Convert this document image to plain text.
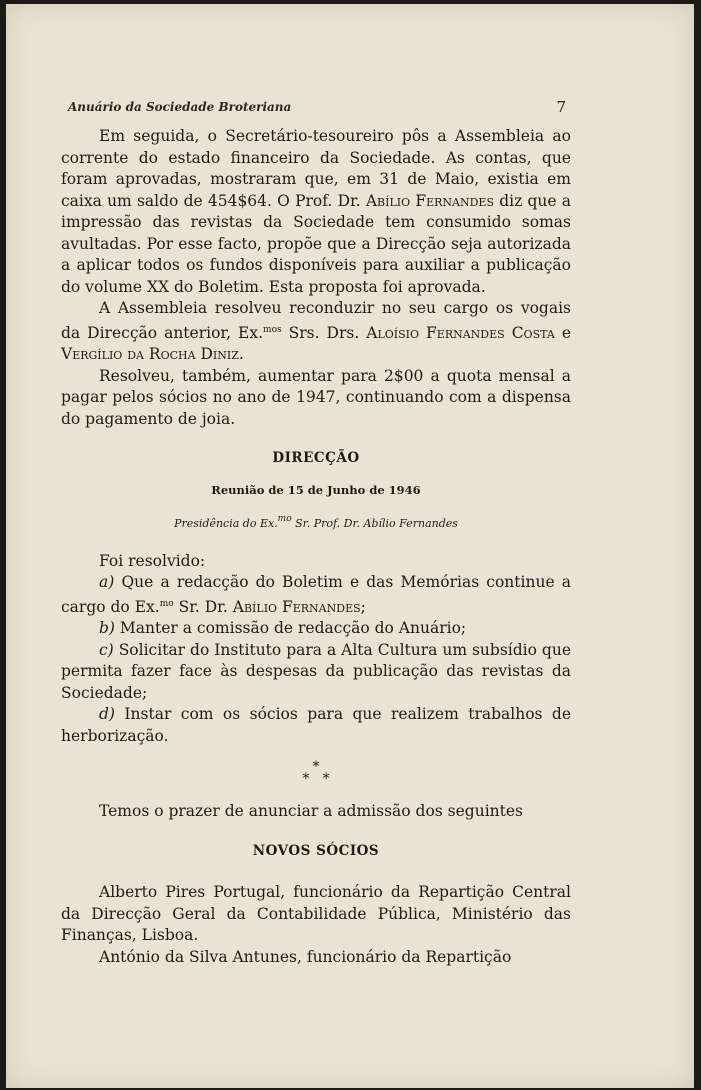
Anuário da Sociedade Broteriana	7

Em seguida, o Secretário-tesoureiro pôs a Assembleia ao corrente do estado financeiro da Sociedade. As contas, que foram aprovadas, mostraram que, em 31 de Maio, existia em caixa um saldo de 454$64. O Prof. Dr. Abílio Fernandes diz que a impressão das revistas da Sociedade tem consumido somas avultadas. Por esse facto, propõe que a Direcção seja autorizada a aplicar todos os fundos disponíveis para auxiliar a publicação do volume XX do Boletim. Esta proposta foi aprovada.

A Assembleia resolveu reconduzir no seu cargo os vogais da Direcção anterior, Ex.$^{mos}$ Srs. Drs. Aloísio Fernandes Costa e Vergílio da Rocha Diniz.

Resolveu, também, aumentar para 2$00 a quota mensal a pagar pelos sócios no ano de 1947, continuando com a dispensa do pagamento de joia.

DIRECÇÃO
Reunião de 15 de Junho de 1946
Presidência do Ex.$^{mo}$ Sr. Prof. Dr. Abílio Fernandes

Foi resolvido:

a) Que a redacção do Boletim e das Memórias continue a cargo do Ex.$^{mo}$ Sr. Dr. Abílio Fernandes;

b) Manter a comissão de redacção do Anuário;

c) Solicitar do Instituto para a Alta Cultura um subsídio que permita fazer face às despesas da publicação das revistas da Sociedade;

d) Instar com os sócios para que realizem trabalhos de herborização.

*
*   *

Temos o prazer de anunciar a admissão dos seguintes

NOVOS SÓCIOS

Alberto Pires Portugal, funcionário da Repartição Central da Direcção Geral da Contabilidade Pública, Ministério das Finanças, Lisboa.

António da Silva Antunes, funcionário da Repartição
